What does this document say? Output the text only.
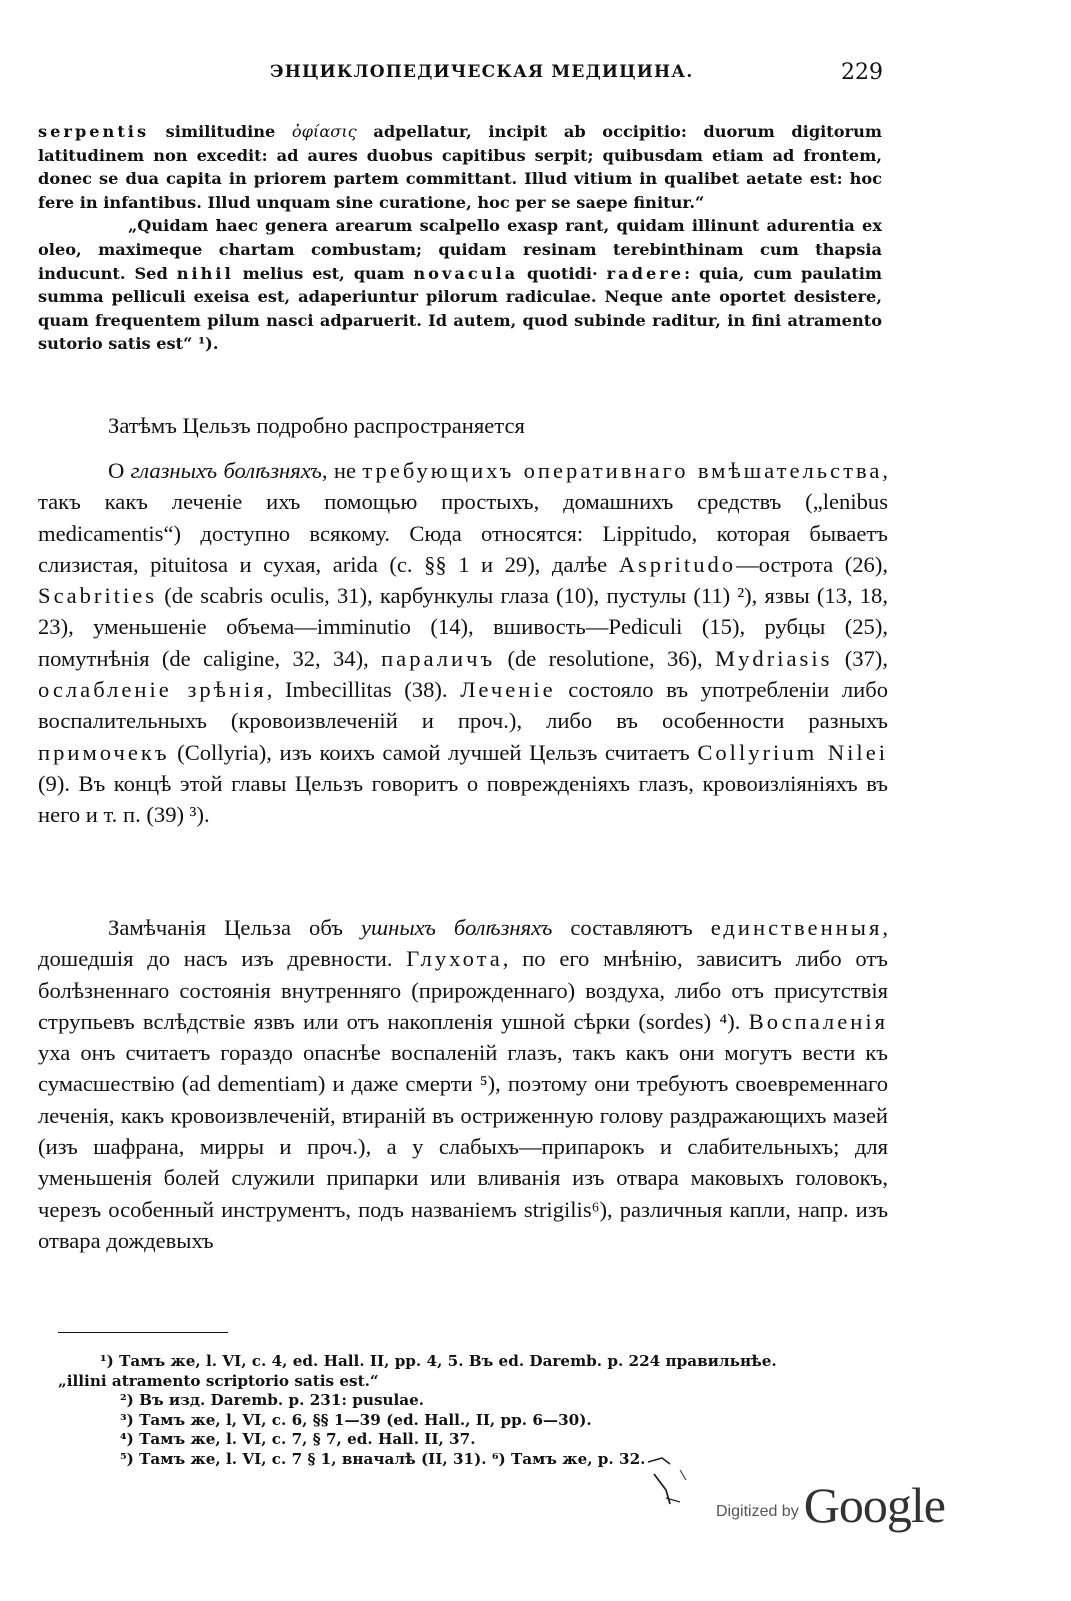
ЭНЦИКЛОПЕДИЧЕСКАЯ МЕДИЦИНА.	229

serpentis similitudine ὀφίασις adpellatur, incipit ab occipitio: duorum digitorum latitudinem non excedit: ad aures duobus capitibus serpit; quibusdam etiam ad frontem, donec se dua capita in priorem partem committant. Illud vitium in qualibet aetate est: hoc fere in infantibus. Illud unquam sine curatione, hoc per se saepe finitur.“

„Quidam haec genera arearum scalpello exasp rant, quidam illinunt adurentia ex oleo, maximeque chartam combustam; quidam resinam terebinthinam cum thapsia inducunt. Sed nihil melius est, quam novacula quotidi· radere: quia, cum paulatim summa pelliculi exeisa est, adaperiuntur pilorum radiculae. Neque ante oportet desistere, quam frequentem pilum nasci adparuerit. Id autem, quod subinde raditur, in fini atramento sutorio satis est“ ¹).

Затѣмъ Цельзъ подробно распространяется

О глазныхъ болѣзняхъ, не требующихъ оперативнаго вмѣшательства, такъ какъ леченіе ихъ помощью простыхъ, домашнихъ средствъ („lenibus medicamentis“) доступно всякому. Сюда относятся: Lippitudo, которая бываетъ слизистая, pituitosa и сухая, arida (c. §§ 1 и 29), далѣе Aspritudo—острота (26), Scabrities (de scabris oculis, 31), карбункулы глаза (10), пустулы (11) ²), язвы (13, 18, 23), уменьшеніе объема—imminutio (14), вшивость—Pediculi (15), рубцы (25), помутнѣнія (de caligine, 32, 34), параличъ (de resolutione, 36), Mydriasis (37), ослабленіе зрѣнія, Imbecillitas (38). Леченіе состояло въ употребленіи либо воспалительныхъ (кровоизвлеченій и проч.), либо въ особенности разныхъ примочекъ (Collyria), изъ коихъ самой лучшей Цельзъ считаетъ Collyrium Nilei (9). Въ концѣ этой главы Цельзъ говоритъ о повреждeніяхъ глазъ, кровоизліяніяхъ въ него и т. п. (39) ³).

Замѣчанія Цельза объ ушныхъ болѣзняхъ составляютъ единственныя, дошедшія до насъ изъ древности. Глухота, по его мнѣнію, зависитъ либо отъ болѣзненнаго состоянія внутренняго (прирожденнаго) воздуха, либо отъ присутствія струпьевъ вслѣдствіе язвъ или отъ накопленія ушной сѣрки (sordes) ⁴). Воспаленія уха онъ считаетъ гораздо опаснѣе воспаленій глазъ, такъ какъ они могутъ вести къ сумасшествію (ad dementiam) и даже смерти ⁵), поэтому они требуютъ своевременнаго леченія, какъ кровоизвлеченій, втираній въ остриженную голову раздражающихъ мазей (изъ шафрана, мирры и проч.), а у слабыхъ—припарокъ и слабительныхъ; для уменьшенія болей служили припарки или вливанія изъ отвара маковыхъ головокъ, черезъ особенный инструментъ, подъ названіемъ strigilis⁶), различныя капли, напр. изъ отвара дождевыхъ

¹) Тамъ же, l. VI, c. 4, ed. Hall. II, pp. 4, 5. Въ ed. Daremb. p. 224 правильнѣе.

„illini atramento scriptorio satis est.“

²) Въ изд. Daremb. p. 231: pusulae.

³) Тамъ же, l, VI, c. 6, §§ 1—39 (ed. Hall., II, pp. 6—30).

⁴) Тамъ же, l. VI, c. 7, § 7, ed. Hall. II, 37.

⁵) Тамъ же, l. VI, c. 7 § 1, вначалѣ (II, 31). ⁶) Тамъ же, p. 32.

Digitized by Google
